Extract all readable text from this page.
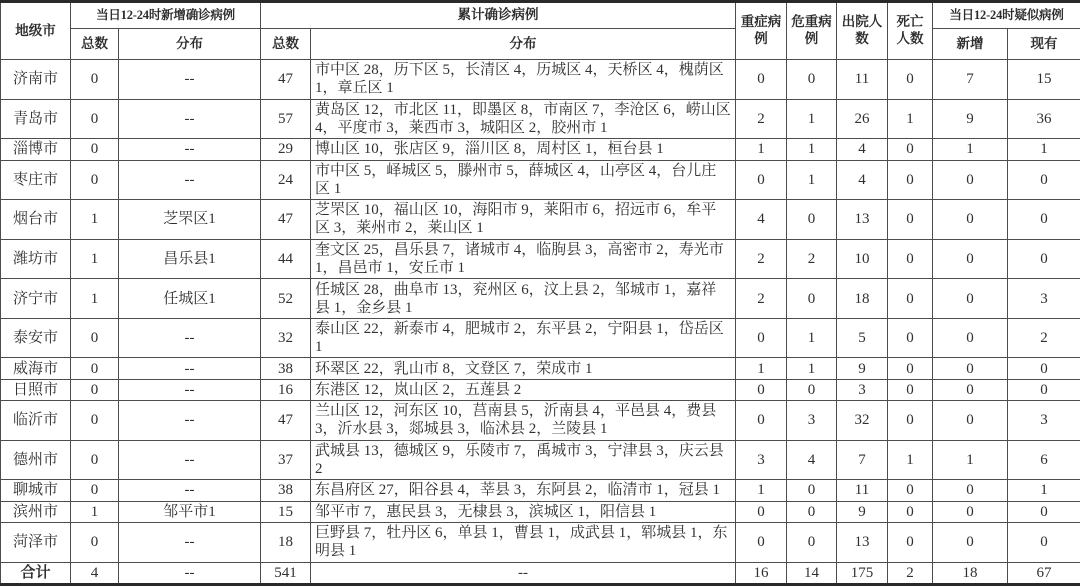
地级市	当日12-24时新增确诊病例		累计确诊病例		重症病例	危重病例	出院人数	死亡人数	当日12-24时疑似病例	
	总数	分布	总数	分布					新增	现有
济南市	0	--	47	市中区 28，历下区 5，长清区 4，历城区 4，天桥区 4，槐荫区 1，章丘区 1	0	0	11	0	7	15
青岛市	0	--	57	黄岛区 12，市北区 11，即墨区 8，市南区 7，李沧区 6，崂山区 4，平度市 3，莱西市 3，城阳区 2，胶州市 1	2	1	26	1	9	36
淄博市	0	--	29	博山区 10，张店区 9，淄川区 8，周村区 1，桓台县 1	1	1	4	0	1	1
枣庄市	0	--	24	市中区 5，峄城区 5，滕州市 5，薛城区 4，山亭区 4，台儿庄区 1	0	1	4	0	0	0
烟台市	1	芝罘区1	47	芝罘区 10，福山区 10，海阳市 9，莱阳市 6，招远市 6，牟平区 3，莱州市 2，莱山区 1	4	0	13	0	0	0
潍坊市	1	昌乐县1	44	奎文区 25，昌乐县 7，诸城市 4，临朐县 3，高密市 2，寿光市 1，昌邑市 1，安丘市 1	2	2	10	0	0	0
济宁市	1	任城区1	52	任城区 28，曲阜市 13，兖州区 6，汶上县 2，邹城市 1，嘉祥县 1，金乡县 1	2	0	18	0	0	3
泰安市	0	--	32	泰山区 22，新泰市 4，肥城市 2，东平县 2，宁阳县 1，岱岳区 1	0	1	5	0	0	2
威海市	0	--	38	环翠区 22，乳山市 8，文登区 7，荣成市 1	1	1	9	0	0	0
日照市	0	--	16	东港区 12，岚山区 2，五莲县 2	0	0	3	0	0	0
临沂市	0	--	47	兰山区 12，河东区 10，莒南县 5，沂南县 4，平邑县 4，费县 3，沂水县 3，郯城县 3，临沭县 2，兰陵县 1	0	3	32	0	0	3
德州市	0	--	37	武城县 13，德城区 9，乐陵市 7，禹城市 3，宁津县 3，庆云县 2	3	4	7	1	1	6
聊城市	0	--	38	东昌府区 27，阳谷县 4，莘县 3，东阿县 2，临清市 1，冠县 1	1	0	11	0	0	1
滨州市	1	邹平市1	15	邹平市 7，惠民县 3，无棣县 3，滨城区 1，阳信县 1	0	0	9	0	0	0
菏泽市	0	--	18	巨野县 7，牡丹区 6，单县 1，曹县 1，成武县 1，郓城县 1，东明县 1	0	0	13	0	0	0
合计	4	--	541	--	16	14	175	2	18	67
